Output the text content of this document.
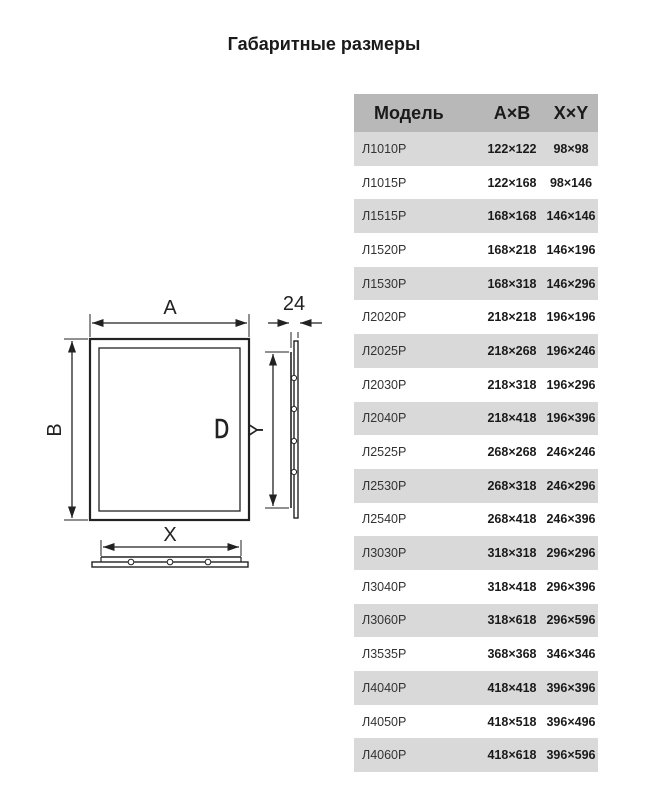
Габаритные размеры
A
B
X
Y
24
Модель	A×B	X×Y
Л1010Р	122×122	98×98
Л1015Р	122×168	98×146
Л1515Р	168×168 146×146
Л1520Р	168×218 146×196
Л1530Р	168×318 146×296
Л2020Р	218×218 196×196
Л2025Р	218×268 196×246
Л2030Р	218×318 196×296
Л2040Р	218×418 196×396
Л2525Р	268×268 246×246
Л2530Р	268×318 246×296
Л2540Р	268×418 246×396
Л3030Р	318×318 296×296
Л3040Р	318×418 296×396
Л3060Р	318×618 296×596
Л3535Р	368×368 346×346
Л4040Р	418×418 396×396
Л4050Р	418×518 396×496
Л4060Р	418×618 396×596
